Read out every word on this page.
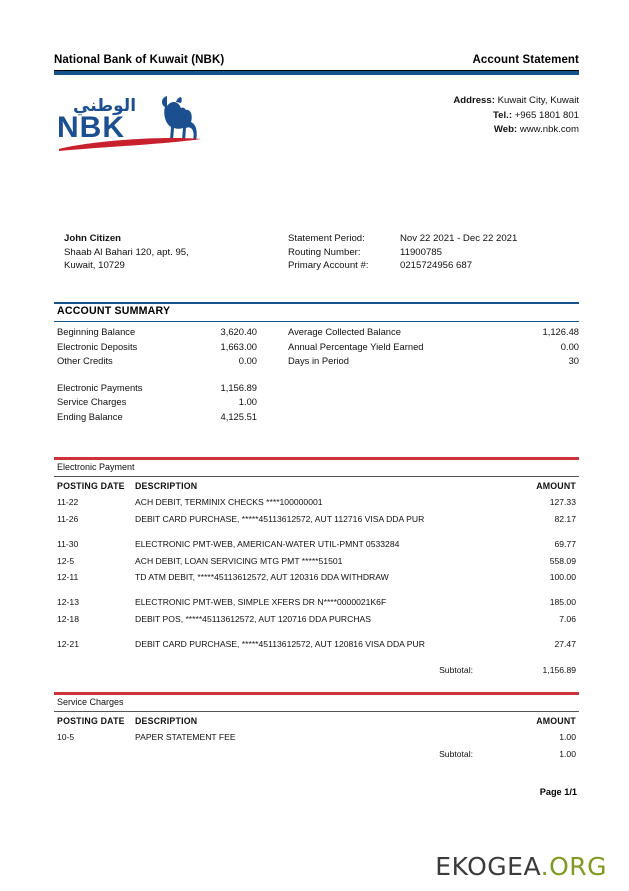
National Bank of Kuwait (NBK)	Account Statement
الوطني
NBK
Address: Kuwait City, Kuwait
Tel.: +965 1801 801
Web: www.nbk.com
John Citizen
Shaab Al Bahari 120, apt. 95,
Kuwait, 10729
Statement Period:	Nov 22 2021 - Dec 22 2021
Routing Number:	11900785
Primary Account #:	0215724956 687
ACCOUNT SUMMARY
Beginning Balance	3,620.40
Electronic Deposits	1,663.00
Other Credits	0.00
Electronic Payments	1,156.89
Service Charges	1.00
Ending Balance	4,125.51
Average Collected Balance	1,126.48
Annual Percentage Yield Earned	0.00
Days in Period	30
Electronic Payment
POSTING DATE	DESCRIPTION	AMOUNT
11-22	ACH DEBIT, TERMINIX CHECKS ****100000001	127.33
11-26	DEBIT CARD PURCHASE, *****45113612572, AUT 112716 VISA DDA PUR	82.17
11-30	ELECTRONIC PMT-WEB, AMERICAN-WATER UTIL-PMNT 0533284	69.77
12-5	ACH DEBIT, LOAN SERVICING MTG PMT *****51501	558.09
12-11	TD ATM DEBIT, *****45113612572, AUT 120316 DDA WITHDRAW	100.00
12-13	ELECTRONIC PMT-WEB, SIMPLE XFERS DR N****0000021K6F	185.00
12-18	DEBIT POS, *****45113612572, AUT 120716 DDA PURCHAS	7.06
12-21	DEBIT CARD PURCHASE, *****45113612572, AUT 120816 VISA DDA PUR	27.47
Subtotal:	1,156.89
Service Charges
POSTING DATE	DESCRIPTION	AMOUNT
10-5	PAPER STATEMENT FEE	1.00
Subtotal:	1.00
Page 1/1
EKOGEA.ORG
